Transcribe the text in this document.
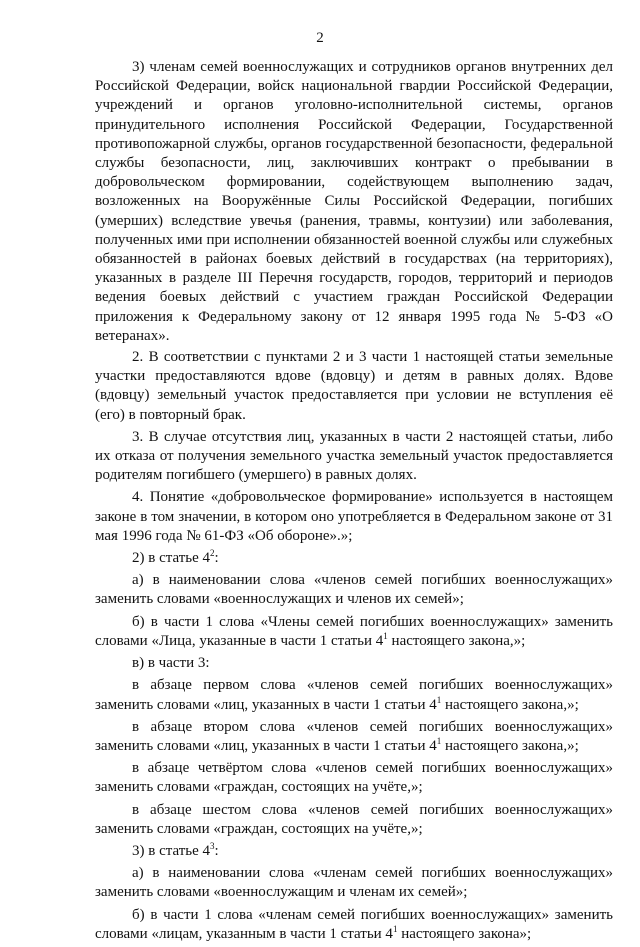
2

3) членам семей военнослужащих и сотрудников органов внутренних дел Российской Федерации, войск национальной гвардии Российской Федерации, учреждений и органов уголовно-исполнительной системы, органов принудительного исполнения Российской Федерации, Государственной противопожарной службы, органов государственной безопасности, федеральной службы безопасности, лиц, заключивших контракт о пребывании в добровольческом формировании, содействующем выполнению задач, возложенных на Вооружённые Силы Российской Федерации, погибших (умерших) вследствие увечья (ранения, травмы, контузии) или заболевания, полученных ими при исполнении обязанностей военной службы или служебных обязанностей в районах боевых действий в государствах (на территориях), указанных в разделе III Перечня государств, городов, территорий и периодов ведения боевых действий с участием граждан Российской Федерации приложения к Федеральному закону от 12 января 1995 года № 5-ФЗ «О ветеранах».

2. В соответствии с пунктами 2 и 3 части 1 настоящей статьи земельные участки предоставляются вдове (вдовцу) и детям в равных долях. Вдове (вдовцу) земельный участок предоставляется при условии не вступления её (его) в повторный брак.

3. В случае отсутствия лиц, указанных в части 2 настоящей статьи, либо их отказа от получения земельного участка земельный участок предоставляется родителям погибшего (умершего) в равных долях.

4. Понятие «добровольческое формирование» используется в настоящем законе в том значении, в котором оно употребляется в Федеральном законе от 31 мая 1996 года № 61-ФЗ «Об обороне».»;

2) в статье $4^2$:

а) в наименовании слова «членов семей погибших военнослужащих» заменить словами «военнослужащих и членов их семей»;

б) в части 1 слова «Члены семей погибших военнослужащих» заменить словами «Лица, указанные в части 1 статьи $4^1$ настоящего закона,»;

в) в части 3:

в абзаце первом слова «членов семей погибших военнослужащих» заменить словами «лиц, указанных в части 1 статьи $4^1$ настоящего закона,»;

в абзаце втором слова «членов семей погибших военнослужащих» заменить словами «лиц, указанных в части 1 статьи $4^1$ настоящего закона,»;

в абзаце четвёртом слова «членов семей погибших военнослужащих» заменить словами «граждан, состоящих на учёте,»;

в абзаце шестом слова «членов семей погибших военнослужащих» заменить словами «граждан, состоящих на учёте,»;

3) в статье $4^3$:

а) в наименовании слова «членам семей погибших военнослужащих» заменить словами «военнослужащим и членам их семей»;

б) в части 1 слова «членам семей погибших военнослужащих» заменить словами «лицам, указанным в части 1 статьи $4^1$ настоящего закона»;
